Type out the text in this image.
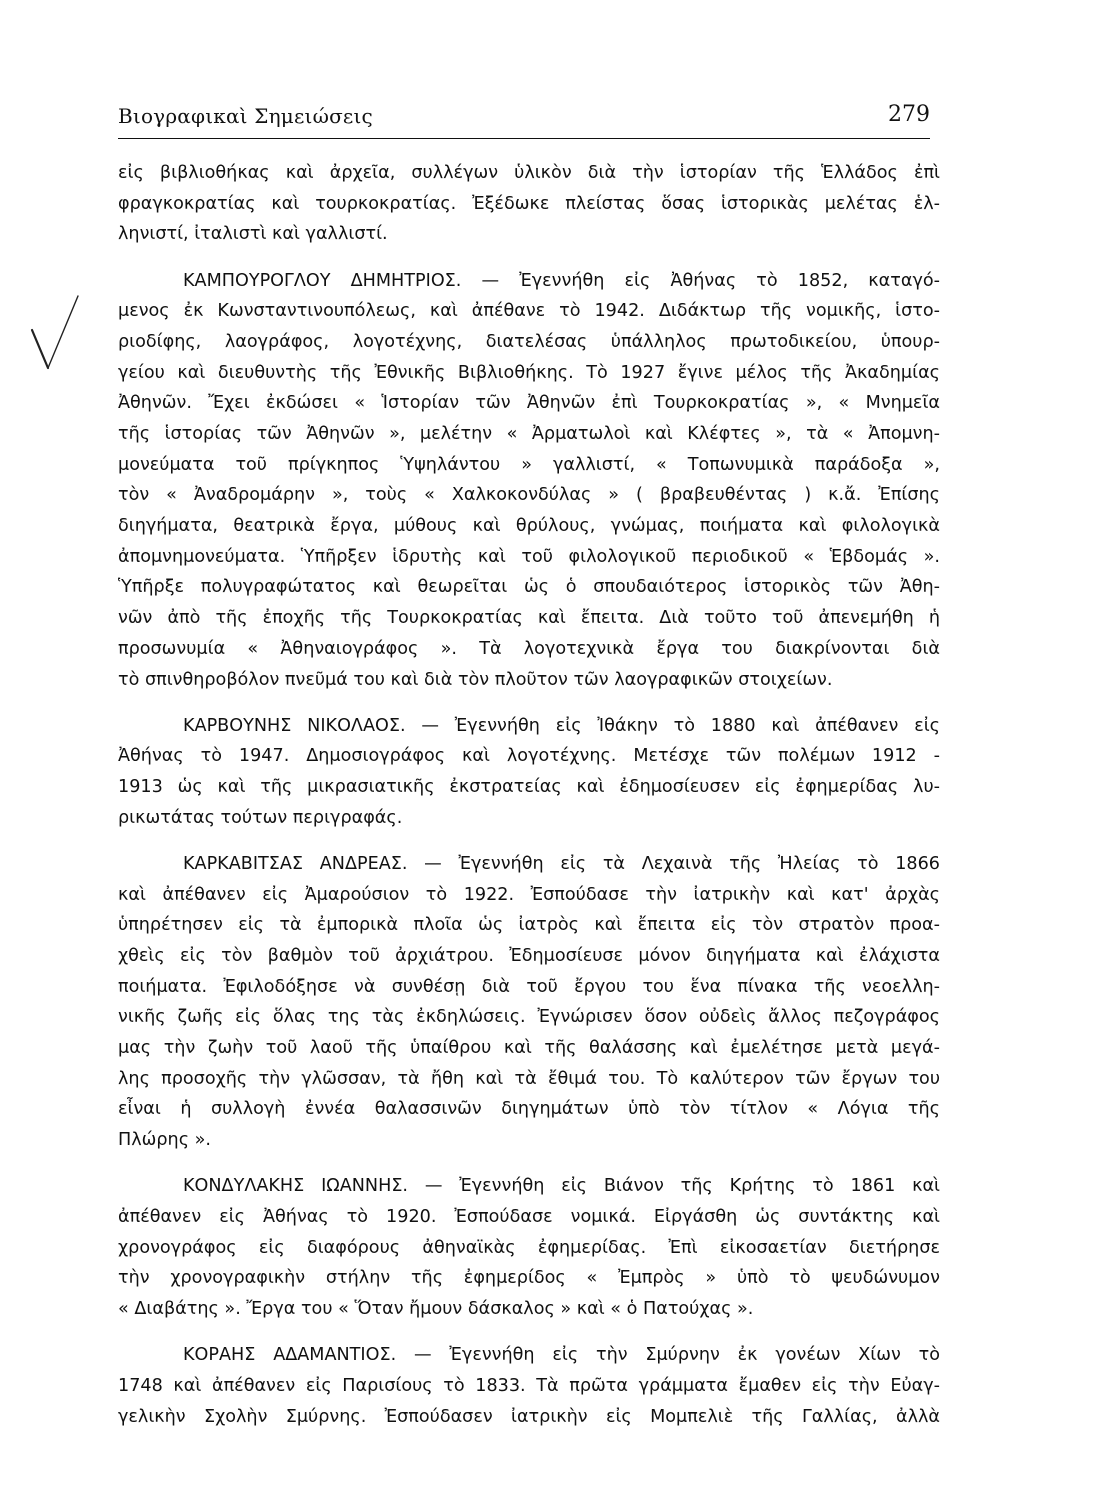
Βιογραφικαὶ Σημειώσεις	279
εἰς βιβλιοθήκας καὶ ἀρχεῖα, συλλέγων ὑλικὸν διὰ τὴν ἱστορίαν τῆς Ἑλλάδος ἐπὶ
φραγκοκρατίας καὶ τουρκοκρατίας. Ἐξέδωκε πλείστας ὅσας ἱστορικὰς μελέτας ἑλ-
ληνιστί, ἰταλιστὶ καὶ γαλλιστί.
ΚΑΜΠΟΥΡΟΓΛΟΥ ΔΗΜΗΤΡΙΟΣ. — Ἐγεννήθη εἰς Ἀθήνας τὸ 1852, καταγό-
μενος ἐκ Κωνσταντινουπόλεως, καὶ ἀπέθανε τὸ 1942. Διδάκτωρ τῆς νομικῆς, ἱστο-
ριοδίφης, λαογράφος, λογοτέχνης, διατελέσας ὑπάλληλος πρωτοδικείου, ὑπουρ-
γείου καὶ διευθυντὴς τῆς Ἐθνικῆς Βιβλιοθήκης. Τὸ 1927 ἔγινε μέλος τῆς Ἀκαδημίας
Ἀθηνῶν. Ἔχει ἐκδώσει « Ἱστορίαν τῶν Ἀθηνῶν ἐπὶ Τουρκοκρατίας », « Μνημεῖα
τῆς ἱστορίας τῶν Ἀθηνῶν », μελέτην « Ἀρματωλοὶ καὶ Κλέφτες », τὰ « Ἀπομνη-
μονεύματα τοῦ πρίγκηπος Ὑψηλάντου » γαλλιστί, « Τοπωνυμικὰ παράδοξα »,
τὸν « Ἀναδρομάρην », τοὺς « Χαλκοκονδύλας » ( βραβευθέντας ) κ.ἄ. Ἐπίσης
διηγήματα, θεατρικὰ ἔργα, μύθους καὶ θρύλους, γνώμας, ποιήματα καὶ φιλολογικὰ
ἀπομνημονεύματα. Ὑπῆρξεν ἱδρυτὴς καὶ τοῦ φιλολογικοῦ περιοδικοῦ « Ἑβδομάς ».
Ὑπῆρξε πολυγραφώτατος καὶ θεωρεῖται ὡς ὁ σπουδαιότερος ἱστορικὸς τῶν Ἀθη-
νῶν ἀπὸ τῆς ἐποχῆς τῆς Τουρκοκρατίας καὶ ἔπειτα. Διὰ τοῦτο τοῦ ἀπενεμήθη ἡ
προσωνυμία « Ἀθηναιογράφος ». Τὰ λογοτεχνικὰ ἔργα του διακρίνονται διὰ
τὸ σπινθηροβόλον πνεῦμά του καὶ διὰ τὸν πλοῦτον τῶν λαογραφικῶν στοιχείων.
ΚΑΡΒΟΥΝΗΣ ΝΙΚΟΛΑΟΣ. — Ἐγεννήθη εἰς Ἰθάκην τὸ 1880 καὶ ἀπέθανεν εἰς
Ἀθήνας τὸ 1947. Δημοσιογράφος καὶ λογοτέχνης. Μετέσχε τῶν πολέμων 1912 -
1913 ὡς καὶ τῆς μικρασιατικῆς ἐκστρατείας καὶ ἐδημοσίευσεν εἰς ἐφημερίδας λυ-
ρικωτάτας τούτων περιγραφάς.
ΚΑΡΚΑΒΙΤΣΑΣ ΑΝΔΡΕΑΣ. — Ἐγεννήθη εἰς τὰ Λεχαινὰ τῆς Ἠλείας τὸ 1866
καὶ ἀπέθανεν εἰς Ἀμαρούσιον τὸ 1922. Ἐσπούδασε τὴν ἰατρικὴν καὶ κατ' ἀρχὰς
ὑπηρέτησεν εἰς τὰ ἐμπορικὰ πλοῖα ὡς ἰατρὸς καὶ ἔπειτα εἰς τὸν στρατὸν προα-
χθεὶς εἰς τὸν βαθμὸν τοῦ ἀρχιάτρου. Ἐδημοσίευσε μόνον διηγήματα καὶ ἐλάχιστα
ποιήματα. Ἐφιλοδόξησε νὰ συνθέσῃ διὰ τοῦ ἔργου του ἕνα πίνακα τῆς νεοελλη-
νικῆς ζωῆς εἰς ὅλας της τὰς ἐκδηλώσεις. Ἐγνώρισεν ὅσον οὐδεὶς ἄλλος πεζογράφος
μας τὴν ζωὴν τοῦ λαοῦ τῆς ὑπαίθρου καὶ τῆς θαλάσσης καὶ ἐμελέτησε μετὰ μεγά-
λης προσοχῆς τὴν γλῶσσαν, τὰ ἤθη καὶ τὰ ἔθιμά του. Τὸ καλύτερον τῶν ἔργων του
εἶναι ἡ συλλογὴ ἐννέα θαλασσινῶν διηγημάτων ὑπὸ τὸν τίτλον « Λόγια τῆς
Πλώρης ».
ΚΟΝΔΥΛΑΚΗΣ ΙΩΑΝΝΗΣ. — Ἐγεννήθη εἰς Βιάνον τῆς Κρήτης τὸ 1861 καὶ
ἀπέθανεν εἰς Ἀθήνας τὸ 1920. Ἐσπούδασε νομικά. Εἰργάσθη ὡς συντάκτης καὶ
χρονογράφος εἰς διαφόρους ἀθηναϊκὰς ἐφημερίδας. Ἐπὶ εἰκοσαετίαν διετήρησε
τὴν χρονογραφικὴν στήλην τῆς ἐφημερίδος « Ἐμπρὸς » ὑπὸ τὸ ψευδώνυμον
« Διαβάτης ». Ἔργα του « Ὅταν ἤμουν δάσκαλος » καὶ « ὁ Πατούχας ».
ΚΟΡΑΗΣ ΑΔΑΜΑΝΤΙΟΣ. — Ἐγεννήθη εἰς τὴν Σμύρνην ἐκ γονέων Χίων τὸ
1748 καὶ ἀπέθανεν εἰς Παρισίους τὸ 1833. Τὰ πρῶτα γράμματα ἔμαθεν εἰς τὴν Εὐαγ-
γελικὴν Σχολὴν Σμύρνης. Ἐσπούδασεν ἰατρικὴν εἰς Μομπελιὲ τῆς Γαλλίας, ἀλλὰ
